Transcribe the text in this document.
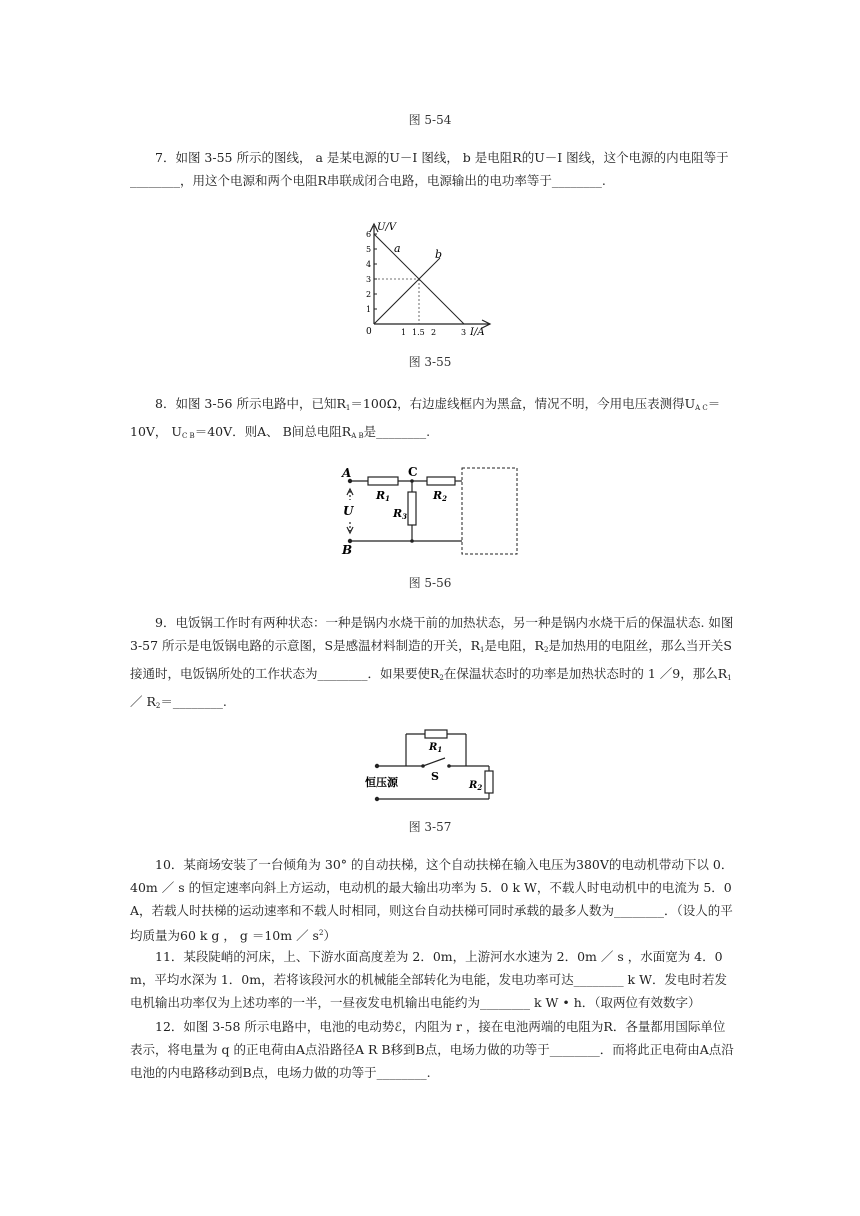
图 5-54
7．如图 3-55 所示的图线， a 是某电源的U－I 图线， b 是电阻R的U－I 图线，这个电源的内电阻等于________，用这个电源和两个电阻R串联成闭合电路，电源输出的电功率等于________.
U/V
I/A
0
1
2
3
4
5
6
1 1.5 2	3
a	b
图 3-55
8．如图 3-56 所示电路中，已知$R_1=100\Omega$，右边虚线框内为黑盒，情况不明，今用电压表测得$U_{A C}=10V$， $U_{C B}=40V$．则A、 B间总电阻$R_{A B}$是________.
A
B
C
U
R1	R2
R3
图 5-56
9．电饭锅工作时有两种状态：一种是锅内水烧干前的加热状态，另一种是锅内水烧干后的保温状态. 如图 3-57 所示是电饭锅电路的示意图，S是感温材料制造的开关，$R_1$是电阻，$R_2$是加热用的电阻丝，那么当开关S接通时，电饭锅所处的工作状态为________．如果要使$R_2$在保温状态时的功率是加热状态时的 1 ／9，那么$R_1/$ $R_2=\_\_\_\_\_\_\_\_$.
$R_1$
S
恒压源	$R_2$
图 3-57
10．某商场安装了一台倾角为 30° 的自动扶梯，这个自动扶梯在输入电压为380V的电动机带动下以 0．40m ／ s 的恒定速率向斜上方运动，电动机的最大输出功率为 5．0 k W，不载人时电动机中的电流为 5．0 A，若载人时扶梯的运动速率和不载人时相同，则这台自动扶梯可同时承载的最多人数为________．（设人的平均质量为60 k g ， g ＝10m ／ $s^2$）
11．某段陡峭的河床，上、下游水面高度差为 2．0m，上游河水水速为 2．0m ／ s ，水面宽为 4．0 m，平均水深为 1．0m，若将该段河水的机械能全部转化为电能，发电功率可达________ k W．发电时若发电机输出功率仅为上述功率的一半，一昼夜发电机输出电能约为________ k W • h．（取两位有效数字）
12．如图 3-58 所示电路中，电池的电动势ℰ，内阻为 r ，接在电池两端的电阻为R．各量都用国际单位表示，将电量为 q 的正电荷由A点沿路径A R B移到B点，电场力做的功等于________．而将此正电荷由A点沿电池的内电路移动到B点，电场力做的功等于________.
